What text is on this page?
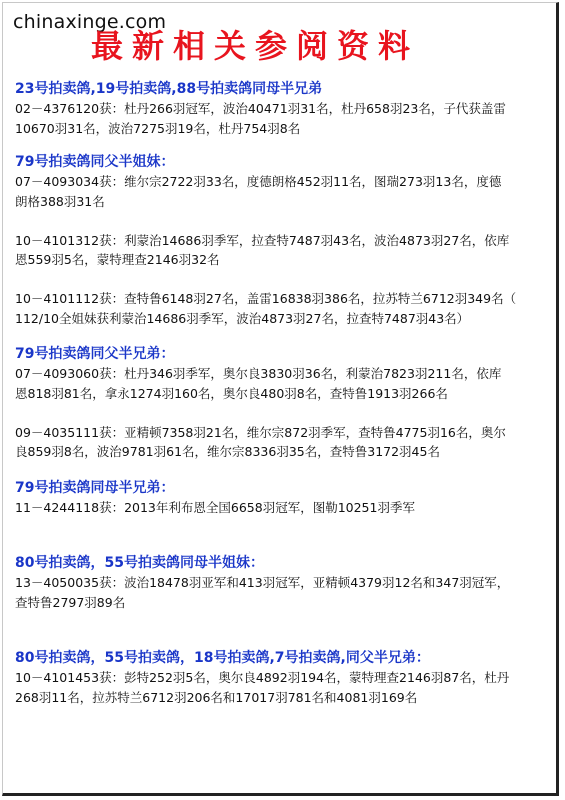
chinaxinge.com
最新相关参阅资料
23号拍卖鸽,19号拍卖鸽,88号拍卖鸽同母半兄弟
02－4376120获：杜丹266羽冠军，波治40471羽31名，杜丹658羽23名，子代获盖雷
10670羽31名，波治7275羽19名，杜丹754羽8名
79号拍卖鸽同父半姐妹：
07－4093034获：维尔宗2722羽33名，度德朗格452羽11名，图瑞273羽13名，度德
朗格388羽31名

10－4101312获：利蒙治14686羽季军，拉查特7487羽43名，波治4873羽27名，依库
恩559羽5名，蒙特理查2146羽32名

10－4101112获：查特鲁6148羽27名，盖雷16838羽386名，拉苏特兰6712羽349名（
112/10全姐妹获利蒙治14686羽季军，波治4873羽27名，拉查特7487羽43名）
79号拍卖鸽同父半兄弟：
07－4093060获：杜丹346羽季军，奥尔良3830羽36名，利蒙治7823羽211名，依库
恩818羽81名，拿永1274羽160名，奥尔良480羽8名，查特鲁1913羽266名

09－4035111获：亚精顿7358羽21名，维尔宗872羽季军，查特鲁4775羽16名，奥尔
良859羽8名，波治9781羽61名，维尔宗8336羽35名，查特鲁3172羽45名
79号拍卖鸽同母半兄弟：
11－4244118获：2013年利布恩全国6658羽冠军，图勒10251羽季军
80号拍卖鸽，55号拍卖鸽同母半姐妹：
13－4050035获：波治18478羽亚军和413羽冠军，亚精顿4379羽12名和347羽冠军，
查特鲁2797羽89名
80号拍卖鸽，55号拍卖鸽，18号拍卖鸽,7号拍卖鸽,同父半兄弟：
10－4101453获：彭特252羽5名，奥尔良4892羽194名，蒙特理查2146羽87名，杜丹
268羽11名，拉苏特兰6712羽206名和17017羽781名和4081羽169名
